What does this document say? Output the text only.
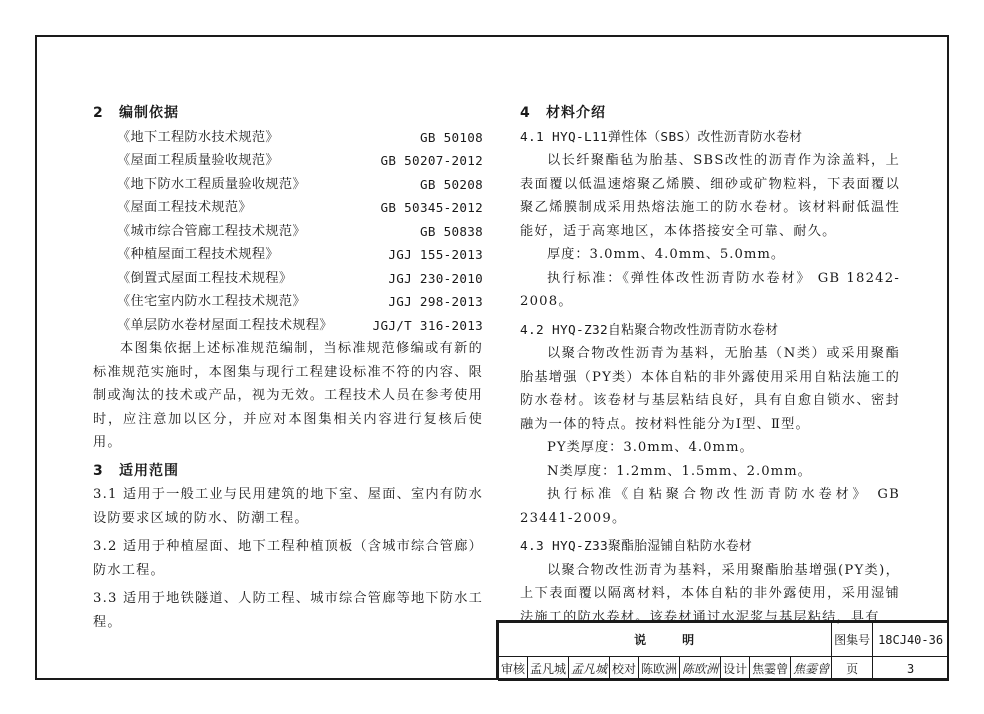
2 编制依据
《地下工程防水技术规范》	GB 50108
《屋面工程质量验收规范》	GB 50207-2012
《地下防水工程质量验收规范》	GB 50208
《屋面工程技术规范》	GB 50345-2012
《城市综合管廊工程技术规范》	GB 50838
《种植屋面工程技术规程》	JGJ 155-2013
《倒置式屋面工程技术规程》	JGJ 230-2010
《住宅室内防水工程技术规范》	JGJ 298-2013
《单层防水卷材屋面工程技术规程》	JGJ/T 316-2013
本图集依据上述标准规范编制，当标准规范修编或有新的标准规范实施时，本图集与现行工程建设标准不符的内容、限制或淘汰的技术或产品，视为无效。工程技术人员在参考使用时，应注意加以区分，并应对本图集相关内容进行复核后使用。
3 适用范围
3.1 适用于一般工业与民用建筑的地下室、屋面、室内有防水设防要求区域的防水、防潮工程。
3.2 适用于种植屋面、地下工程种植顶板（含城市综合管廊）防水工程。
3.3 适用于地铁隧道、人防工程、城市综合管廊等地下防水工程。
4 材料介绍
4.1 HYQ-L11弹性体（SBS）改性沥青防水卷材
以长纤聚酯毡为胎基、SBS改性的沥青作为涂盖料，上表面覆以低温速熔聚乙烯膜、细砂或矿物粒料，下表面覆以聚乙烯膜制成采用热熔法施工的防水卷材。该材料耐低温性能好，适于高寒地区，本体搭接安全可靠、耐久。
厚度：3.0mm、4.0mm、5.0mm。
执行标准：《弹性体改性沥青防水卷材》 GB 18242-2008。
4.2 HYQ-Z32自粘聚合物改性沥青防水卷材
以聚合物改性沥青为基料，无胎基（N类）或采用聚酯胎基增强（PY类）本体自粘的非外露使用采用自粘法施工的防水卷材。该卷材与基层粘结良好，具有自愈自锁水、密封融为一体的特点。按材料性能分为Ⅰ型、Ⅱ型。
PY类厚度：3.0mm、4.0mm。
N类厚度：1.2mm、1.5mm、2.0mm。
执行标准《自粘聚合物改性沥青防水卷材》 GB 23441-2009。
4.3 HYQ-Z33聚酯胎湿铺自粘防水卷材
以聚合物改性沥青为基料，采用聚酯胎基增强(PY类)，上下表面覆以隔离材料，本体自粘的非外露使用，采用湿铺法施工的防水卷材。该卷材通过水泥浆与基层粘结，具有
说明									图集号	18CJ40-36
审核	孟凡城	孟凡城	校对	陈欧洲	陈欧洲	设计	焦霎曾	焦霎曾	页	3
